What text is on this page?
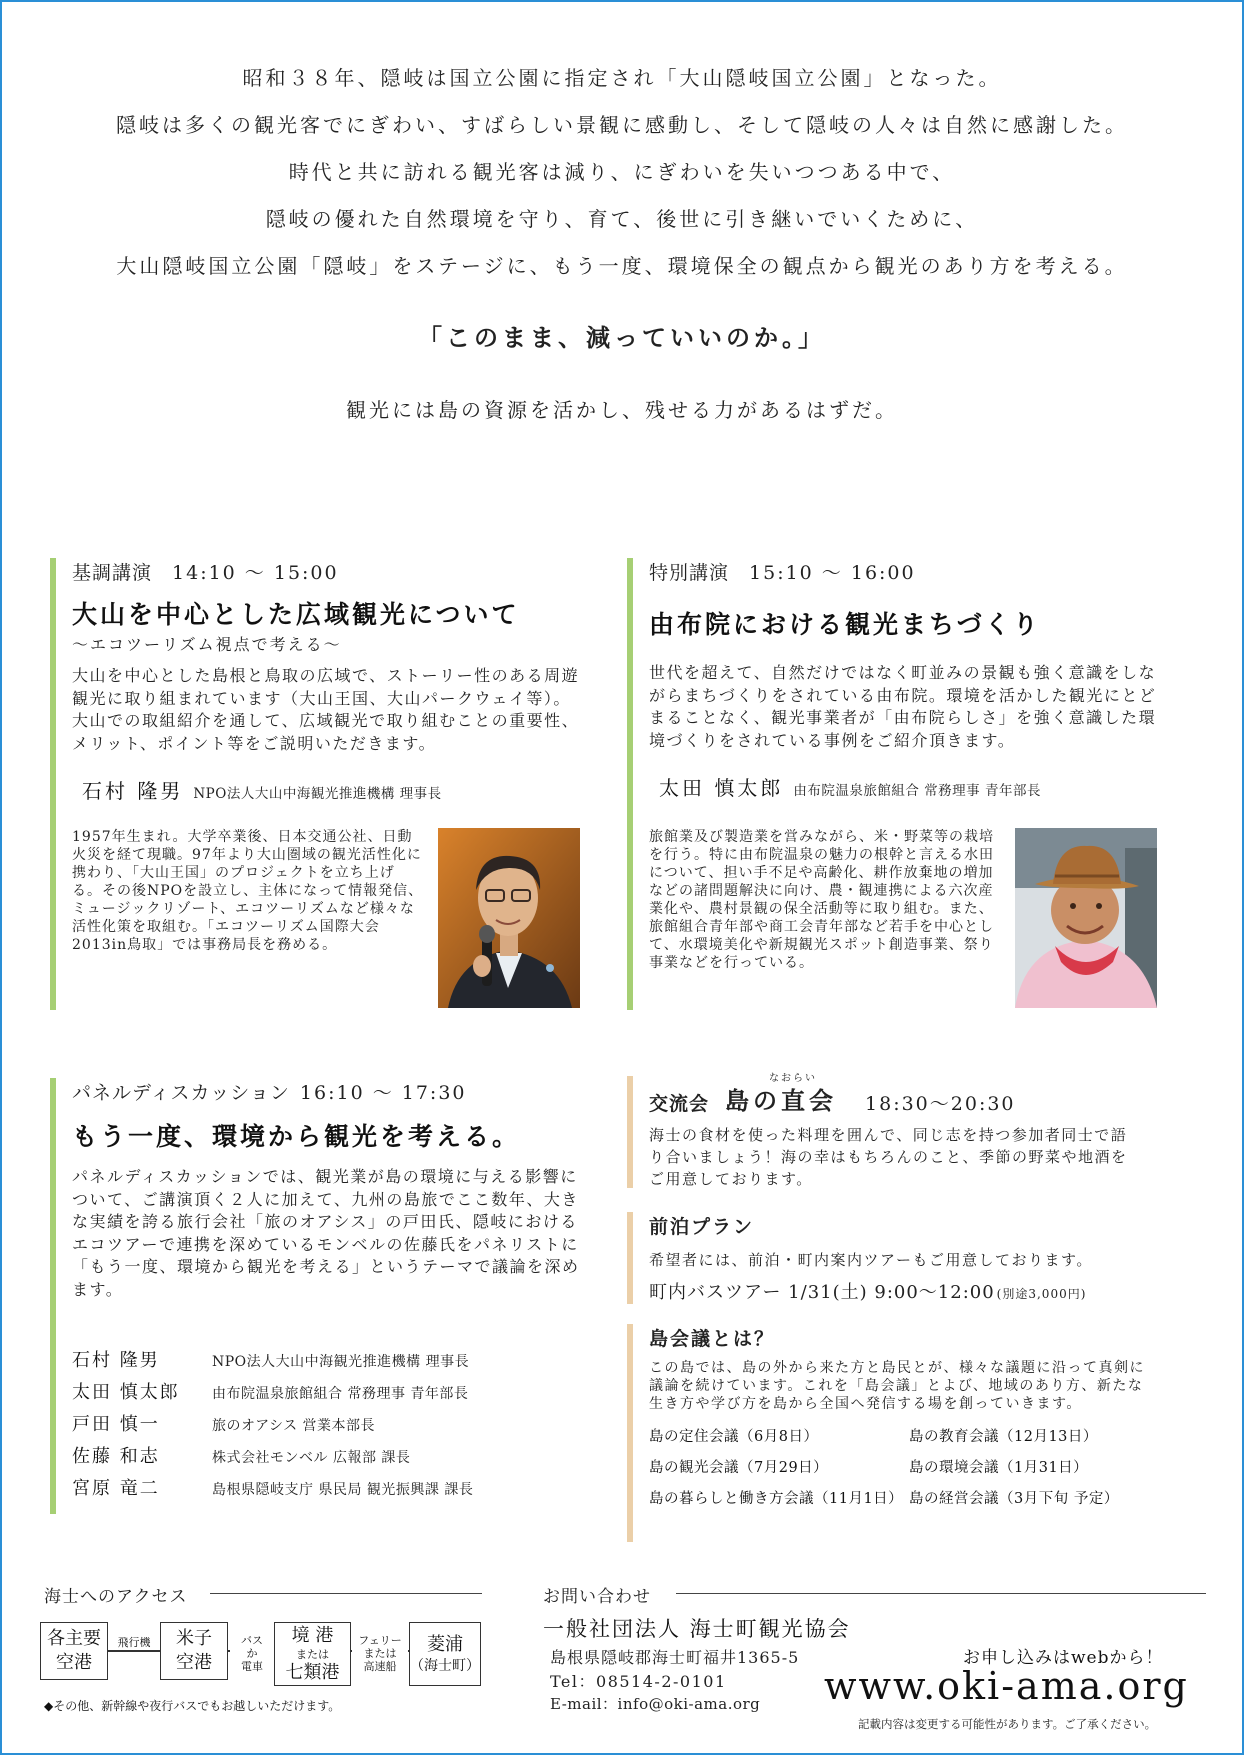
昭和３８年、隠岐は国立公園に指定され「大山隠岐国立公園」となった。
隠岐は多くの観光客でにぎわい、すばらしい景観に感動し、そして隠岐の人々は自然に感謝した。
時代と共に訪れる観光客は減り、にぎわいを失いつつある中で、
隠岐の優れた自然環境を守り、育て、後世に引き継いでいくために、
大山隠岐国立公園「隠岐」をステージに、もう一度、環境保全の観点から観光のあり方を考える。
「このまま、減っていいのか。」
観光には島の資源を活かし、残せる力があるはずだ。
基調講演 14:10 〜 15:00
大山を中心とした広域観光について
〜エコツーリズム視点で考える〜
大山を中心とした島根と鳥取の広域で、ストーリー性のある周遊観光に取り組まれています（大山王国、大山パークウェイ等）。大山での取組紹介を通して、広域観光で取り組むことの重要性、メリット、ポイント等をご説明いただきます。
石村 隆男 NPO法人大山中海観光推進機構 理事長
1957年生まれ。大学卒業後、日本交通公社、日動火災を経て現職。97年より大山圏域の観光活性化に携わり、「大山王国」のプロジェクトを立ち上げる。その後NPOを設立し、主体になって情報発信、ミュージックリゾート、エコツーリズムなど様々な活性化策を取組む。「エコツーリズム国際大会2013in鳥取」では事務局長を務める。
特別講演 15:10 〜 16:00
由布院における観光まちづくり
世代を超えて、自然だけではなく町並みの景観も強く意識をしながらまちづくりをされている由布院。環境を活かした観光にとどまることなく、観光事業者が「由布院らしさ」を強く意識した環境づくりをされている事例をご紹介頂きます。
太田 慎太郎 由布院温泉旅館組合 常務理事 青年部長
旅館業及び製造業を営みながら、米・野菜等の栽培を行う。特に由布院温泉の魅力の根幹と言える水田について、担い手不足や高齢化、耕作放棄地の増加などの諸問題解決に向け、農・観連携による六次産業化や、農村景観の保全活動等に取り組む。また、旅館組合青年部や商工会青年部など若手を中心として、水環境美化や新規観光スポット創造事業、祭り事業などを行っている。
パネルディスカッション 16:10 〜 17:30
もう一度、環境から観光を考える。
パネルディスカッションでは、観光業が島の環境に与える影響について、ご講演頂く２人に加えて、九州の島旅でここ数年、大きな実績を誇る旅行会社「旅のオアシス」の戸田氏、隠岐におけるエコツアーで連携を深めているモンベルの佐藤氏をパネリストに「もう一度、環境から観光を考える」というテーマで議論を深めます。
石村 隆男	NPO法人大山中海観光推進機構 理事長
太田 慎太郎	由布院温泉旅館組合 常務理事 青年部長
戸田 慎一	旅のオアシス 営業本部長
佐藤 和志	株式会社モンベル 広報部 課長
宮原 竜二	島根県隠岐支庁 県民局 観光振興課 課長
交流会
なおらい
島の直会 18:30〜20:30
海士の食材を使った料理を囲んで、同じ志を持つ参加者同士で語り合いましょう！海の幸はもちろんのこと、季節の野菜や地酒をご用意しております。
前泊プラン
希望者には、前泊・町内案内ツアーもご用意しております。
町内バスツアー 1/31(土) 9:00〜12:00 (別途3,000円)
島会議とは？
この島では、島の外から来た方と島民とが、様々な議題に沿って真剣に議論を続けています。これを「島会議」とよび、地域のあり方、新たな生き方や学び方を島から全国へ発信する場を創っていきます。
島の定住会議（6月8日）	島の教育会議（12月13日）
島の観光会議（7月29日）	島の環境会議（1月31日）
島の暮らしと働き方会議（11月1日） 島の経営会議（3月下旬 予定）
海士へのアクセス
各主要
空港
米子
空港
境 港
または
七類港
菱浦
（海士町）
飛行機	バス
か
電車
フェリー
または
高速船
◆その他、新幹線や夜行バスでもお越しいただけます。
お問い合わせ
一般社団法人 海士町観光協会
島根県隠岐郡海士町福井1365-5
Tel：08514-2-0101
E-mail：info@oki-ama.org
お申し込みはwebから！
www.oki-ama.org
記載内容は変更する可能性があります。ご了承ください。
